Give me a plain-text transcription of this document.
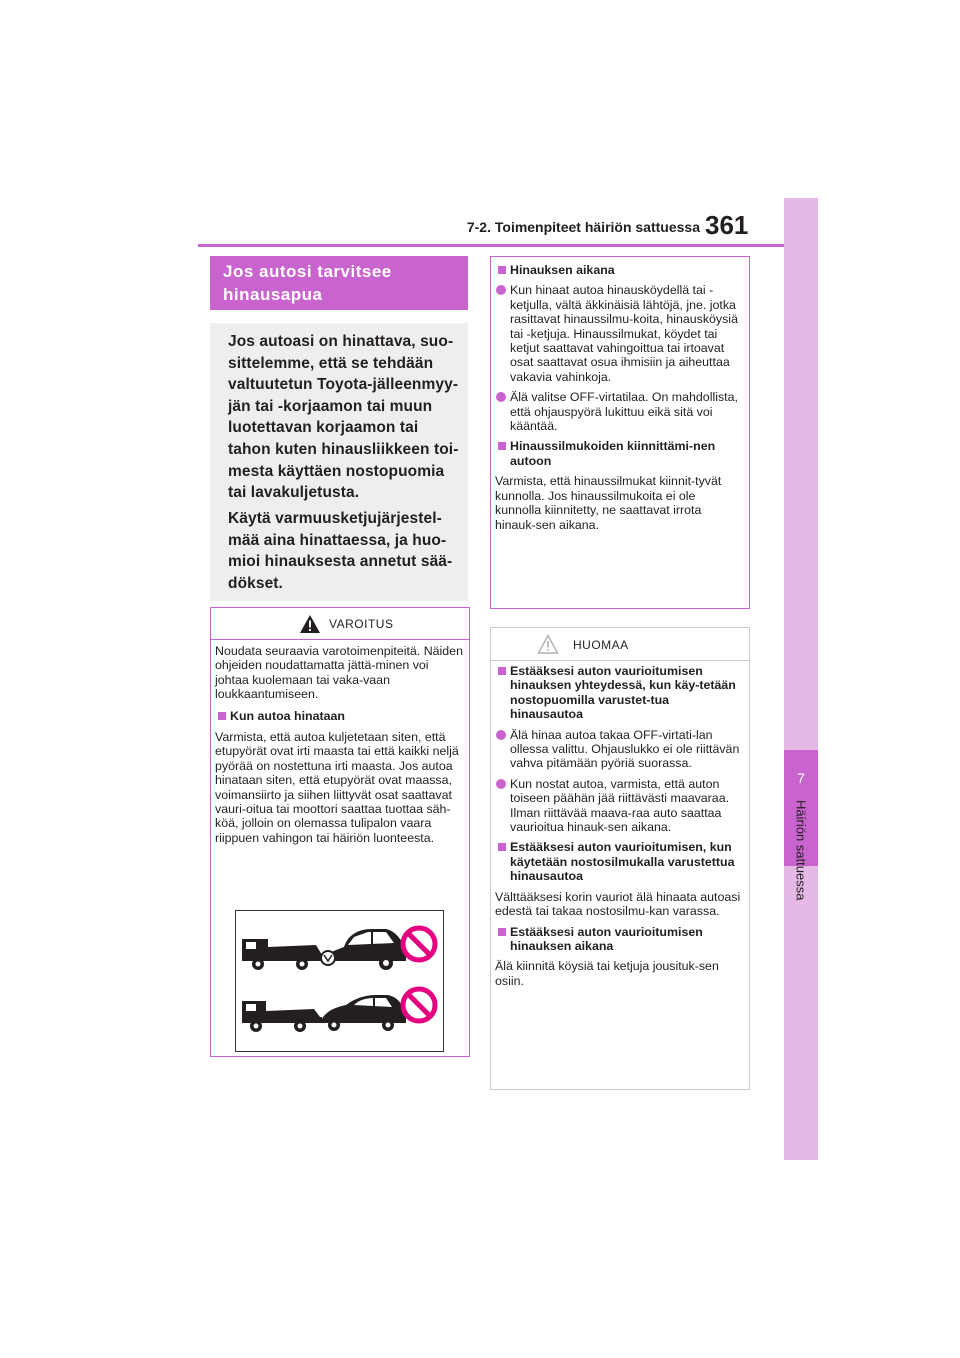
7-2. Toimenpiteet häiriön sattuessa 361
7
Häiriön sattuessa
Jos autosi tarvitsee hinausapua

Jos autoasi on hinattava, suo-sittelemme, että se tehdään valtuutetun Toyota-jälleenmyy-jän tai -korjaamon tai muun luotettavan korjaamon tai tahon kuten hinausliikkeen toi-mesta käyttäen nostopuomia tai lavakuljetusta.

Käytä varmuusketjujärjestel-mää aina hinattaessa, ja huo-mioi hinauksesta annetut sää-dökset.

VAROITUS
Noudata seuraavia varotoimenpiteitä. Näiden ohjeiden noudattamatta jättä-minen voi johtaa kuolemaan tai vaka-vaan loukkaantumiseen.
Kun autoa hinataan
Varmista, että autoa kuljetetaan siten, että etupyörät ovat irti maasta tai että kaikki neljä pyörää on nostettuna irti maasta. Jos autoa hinataan siten, että etupyörät ovat maassa, voimansiirto ja siihen liittyvät osat saattavat vauri-oitua tai moottori saattaa tuottaa säh-köä, jolloin on olemassa tulipalon vaara riippuen vahingon tai häiriön luonteesta.
Hinauksen aikana
Kun hinaat autoa hinausköydellä tai -ketjulla, vältä äkkinäisiä lähtöjä, jne. jotka rasittavat hinaussilmu-koita, hinausköysiä tai -ketjuja. Hinaussilmukat, köydet tai ketjut saattavat vahingoittua tai irtoavat osat saattavat osua ihmisiin ja aiheuttaa vakavia vahinkoja.
Älä valitse OFF-virtatilaa. On mahdollista, että ohjauspyörä lukittuu eikä sitä voi kääntää.
Hinaussilmukoiden kiinnittämi-nen autoon
Varmista, että hinaussilmukat kiinnit-tyvät kunnolla. Jos hinaussilmukoita ei ole kunnolla kiinnitetty, ne saattavat irrota hinauk-sen aikana.
HUOMAA
Estääksesi auton vaurioitumisen hinauksen yhteydessä, kun käy-tetään nostopuomilla varustet-tua hinausautoa
Älä hinaa autoa takaa OFF-virtati-lan ollessa valittu. Ohjauslukko ei ole riittävän vahva pitämään pyöriä suorassa.
Kun nostat autoa, varmista, että auton toiseen päähän jää riittävästi maavaraa. Ilman riittävää maava-raa auto saattaa vaurioitua hinauk-sen aikana.
Estääksesi auton vaurioitumisen, kun käytetään nostosilmukalla varustettua hinausautoa
Välttääksesi korin vauriot älä hinaata autoasi edestä tai takaa nostosilmu-kan varassa.
Estääksesi auton vaurioitumisen hinauksen aikana
Älä kiinnitä köysiä tai ketjuja jousituk-sen osiin.
